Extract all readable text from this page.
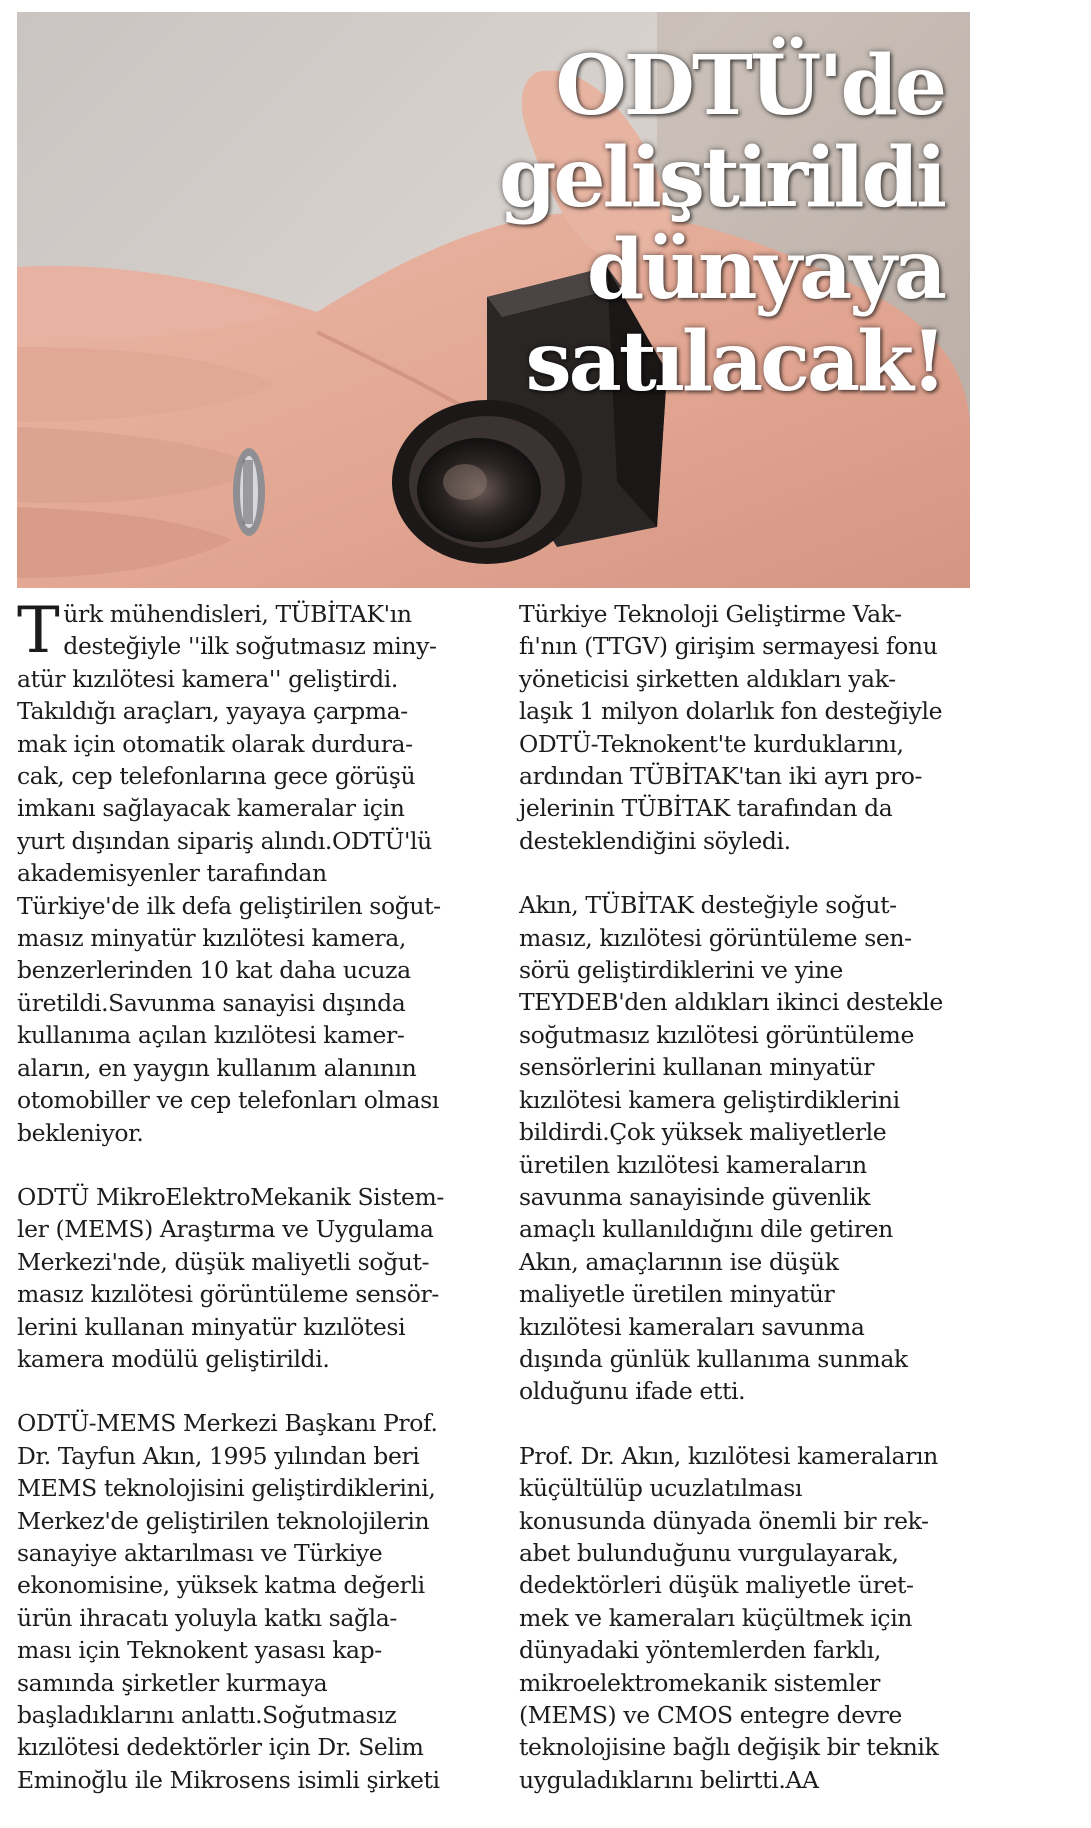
ODTÜ'de
geliştirildi
dünyaya
satılacak!

Türk mühendisleri, TÜBİTAK'ın
desteğiyle ''ilk soğutmasız miny-
atür kızılötesi kamera'' geliştirdi.
Takıldığı araçları, yayaya çarpma-
mak için otomatik olarak durdura-
cak, cep telefonlarına gece görüşü
imkanı sağlayacak kameralar için
yurt dışından sipariş alındı.ODTÜ'lü
akademisyenler tarafından
Türkiye'de ilk defa geliştirilen soğut-
masız minyatür kızılötesi kamera,
benzerlerinden 10 kat daha ucuza
üretildi.Savunma sanayisi dışında
kullanıma açılan kızılötesi kamer-
aların, en yaygın kullanım alanının
otomobiller ve cep telefonları olması
bekleniyor.

ODTÜ MikroElektroMekanik Sistem-
ler (MEMS) Araştırma ve Uygulama
Merkezi'nde, düşük maliyetli soğut-
masız kızılötesi görüntüleme sensör-
lerini kullanan minyatür kızılötesi
kamera modülü geliştirildi.

ODTÜ-MEMS Merkezi Başkanı Prof.
Dr. Tayfun Akın, 1995 yılından beri
MEMS teknolojisini geliştirdiklerini,
Merkez'de geliştirilen teknolojilerin
sanayiye aktarılması ve Türkiye
ekonomisine, yüksek katma değerli
ürün ihracatı yoluyla katkı sağla-
ması için Teknokent yasası kap-
samında şirketler kurmaya
başladıklarını anlattı.Soğutmasız
kızılötesi dedektörler için Dr. Selim
Eminoğlu ile Mikrosens isimli şirketi

Türkiye Teknoloji Geliştirme Vak-
fı'nın (TTGV) girişim sermayesi fonu
yöneticisi şirketten aldıkları yak-
laşık 1 milyon dolarlık fon desteğiyle
ODTÜ-Teknokent'te kurduklarını,
ardından TÜBİTAK'tan iki ayrı pro-
jelerinin TÜBİTAK tarafından da
desteklendiğini söyledi.

Akın, TÜBİTAK desteğiyle soğut-
masız, kızılötesi görüntüleme sen-
sörü geliştirdiklerini ve yine
TEYDEB'den aldıkları ikinci destekle
soğutmasız kızılötesi görüntüleme
sensörlerini kullanan minyatür
kızılötesi kamera geliştirdiklerini
bildirdi.Çok yüksek maliyetlerle
üretilen kızılötesi kameraların
savunma sanayisinde güvenlik
amaçlı kullanıldığını dile getiren
Akın, amaçlarının ise düşük
maliyetle üretilen minyatür
kızılötesi kameraları savunma
dışında günlük kullanıma sunmak
olduğunu ifade etti.

Prof. Dr. Akın, kızılötesi kameraların
küçültülüp ucuzlatılması
konusunda dünyada önemli bir rek-
abet bulunduğunu vurgulayarak,
dedektörleri düşük maliyetle üret-
mek ve kameraları küçültmek için
dünyadaki yöntemlerden farklı,
mikroelektromekanik sistemler
(MEMS) ve CMOS entegre devre
teknolojisine bağlı değişik bir teknik
uyguladıklarını belirtti.AA
